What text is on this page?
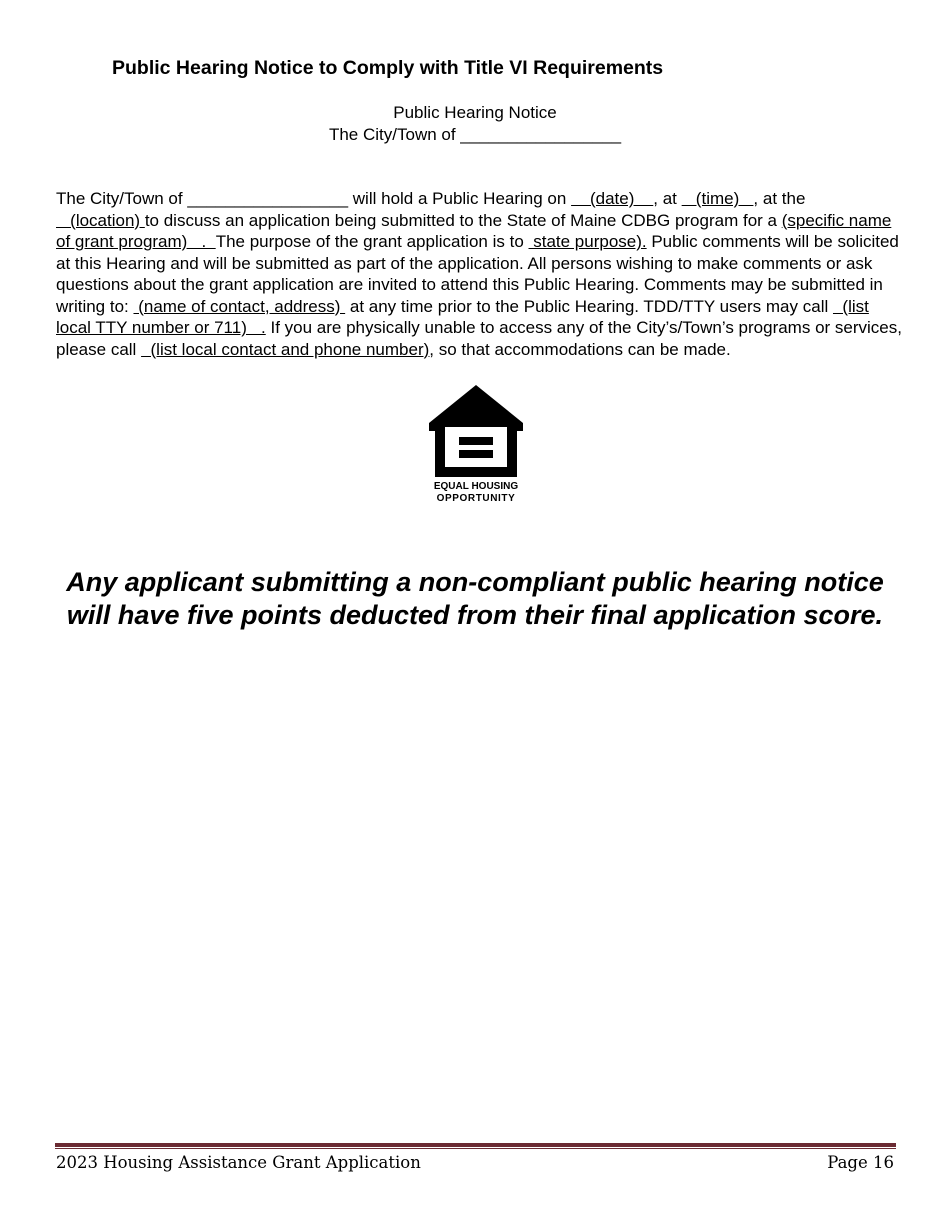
Public Hearing Notice to Comply with Title VI Requirements
Public Hearing Notice
The City/Town of _________________

The City/Town of _________________ will hold a Public Hearing on     (date)    , at    (time)   , at the    (location) to discuss an application being submitted to the State of Maine CDBG program for a (specific name of grant program)   .  The purpose of the grant application is to  state purpose). Public comments will be solicited at this Hearing and will be submitted as part of the application. All persons wishing to make comments or ask questions about the grant application are invited to attend this Public Hearing. Comments may be submitted in writing to:  (name of contact, address)  at any time prior to the Public Hearing. TDD/TTY users may call   (list local TTY number or 711)   . If you are physically unable to access any of the City’s/Town’s programs or services, please call   (list local contact and phone number), so that accommodations can be made.

EQUAL HOUSING
OPPORTUNITY

Any applicant submitting a non-compliant public hearing notice will have five points deducted from their final application score.

2023 Housing Assistance Grant Application	Page 16
